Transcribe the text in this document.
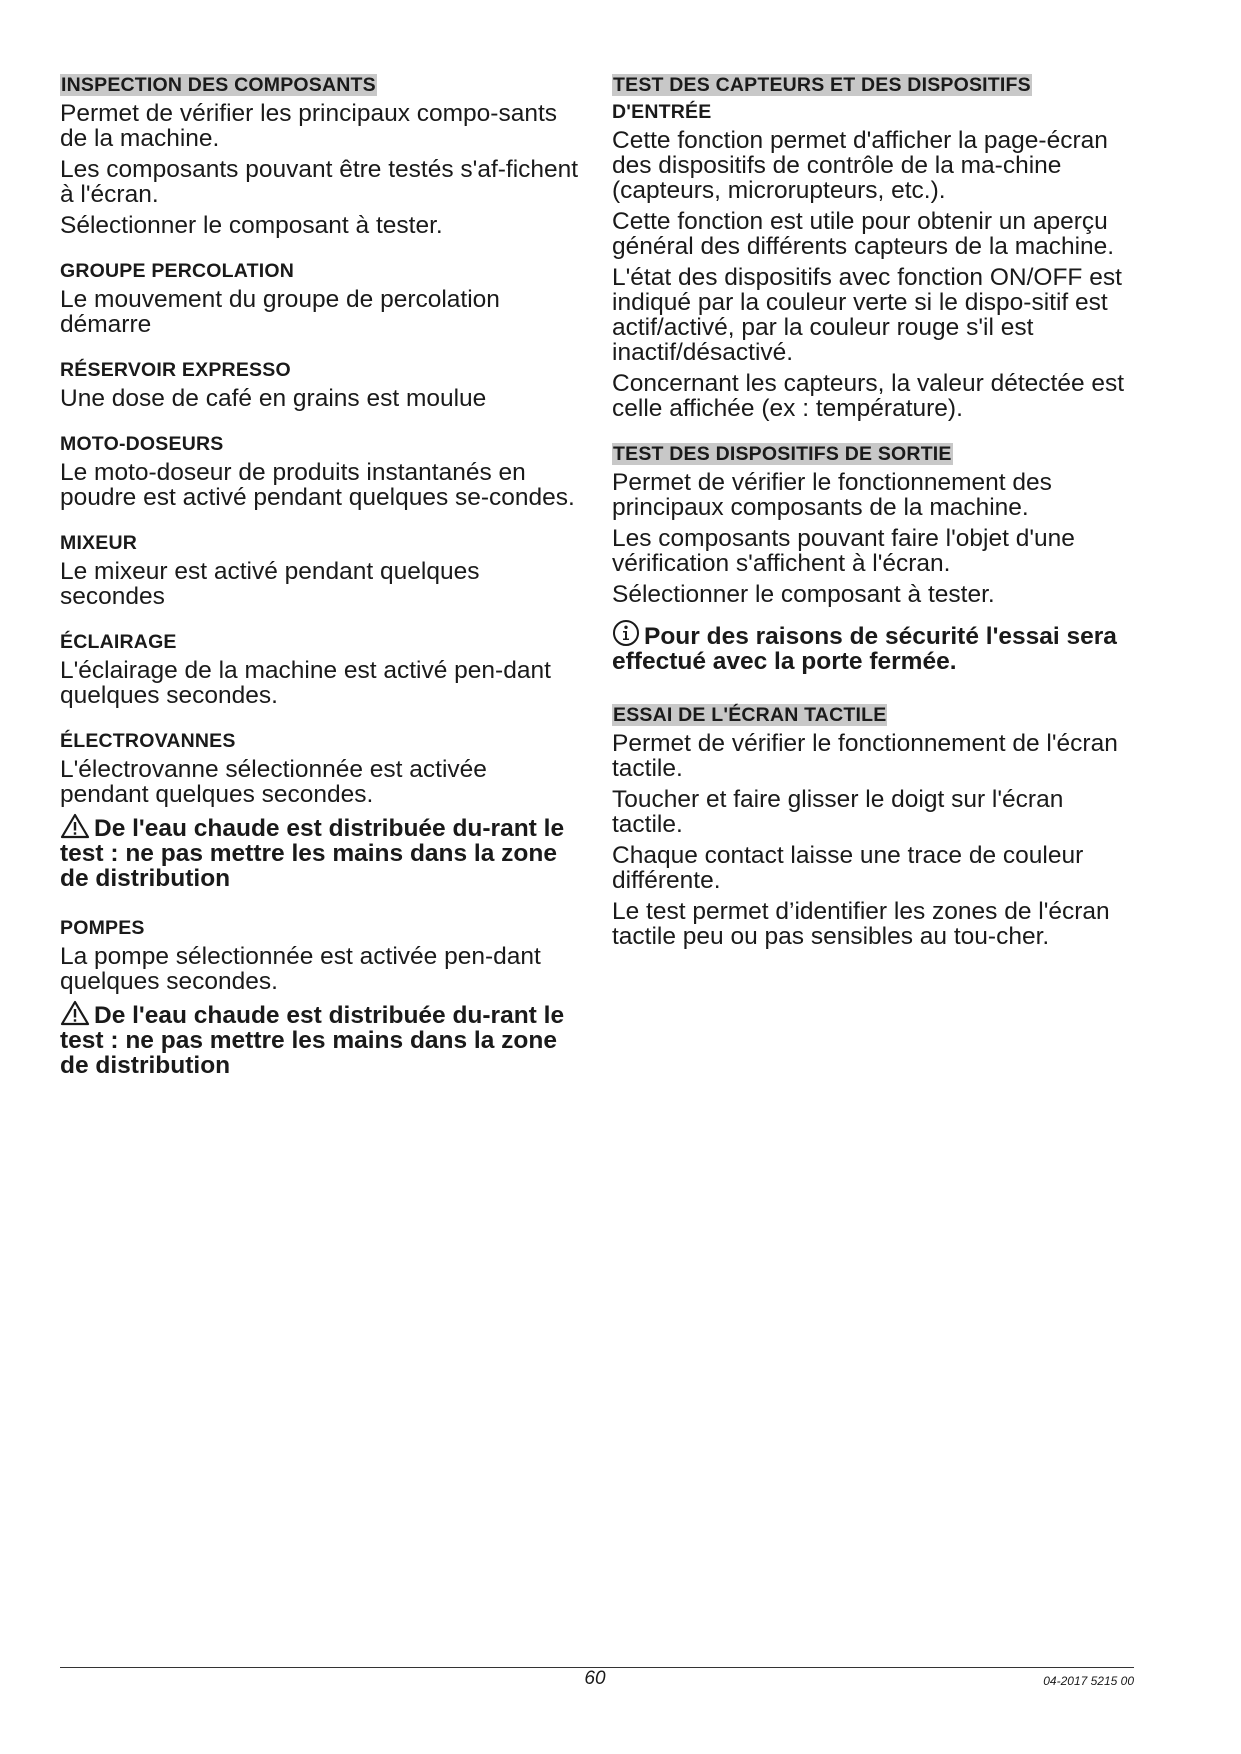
INSPECTION DES COMPOSANTS

Permet de vérifier les principaux compo-sants de la machine.

Les composants pouvant être testés s'af-fichent à l'écran.

Sélectionner le composant à tester.

GROUPE PERCOLATION

Le mouvement du groupe de percolation démarre

RÉSERVOIR EXPRESSO

Une dose de café en grains est moulue

MOTO-DOSEURS

Le moto-doseur de produits instantanés en poudre est activé pendant quelques se-condes.

MIXEUR

Le mixeur est activé pendant quelques secondes

ÉCLAIRAGE

L'éclairage de la machine est activé pen-dant quelques secondes.

ÉLECTROVANNES

L'électrovanne sélectionnée est activée pendant quelques secondes.

De l'eau chaude est distribuée du-rant le test : ne pas mettre les mains dans la zone de distribution
POMPES

La pompe sélectionnée est activée pen-dant quelques secondes.

De l'eau chaude est distribuée du-rant le test : ne pas mettre les mains dans la zone de distribution
TEST DES CAPTEURS ET DES DISPOSITIFS
D'ENTRÉE

Cette fonction permet d'afficher la page-écran des dispositifs de contrôle de la ma-chine (capteurs, microrupteurs, etc.).

Cette fonction est utile pour obtenir un aperçu général des différents capteurs de la machine.

L'état des dispositifs avec fonction ON/OFF est indiqué par la couleur verte si le dispo-sitif est actif/activé, par la couleur rouge s'il est inactif/désactivé.

Concernant les capteurs, la valeur détectée est celle affichée (ex : température).

TEST DES DISPOSITIFS DE SORTIE

Permet de vérifier le fonctionnement des principaux composants de la machine.

Les composants pouvant faire l'objet d'une vérification s'affichent à l'écran.

Sélectionner le composant à tester.

Pour des raisons de sécurité l'essai sera effectué avec la porte fermée.
ESSAI DE L'ÉCRAN TACTILE

Permet de vérifier le fonctionnement de l'écran tactile.

Toucher et faire glisser le doigt sur l'écran tactile.

Chaque contact laisse une trace de couleur différente.

Le test permet d’identifier les zones de l'écran tactile peu ou pas sensibles au tou-cher.

60	04-2017 5215 00
